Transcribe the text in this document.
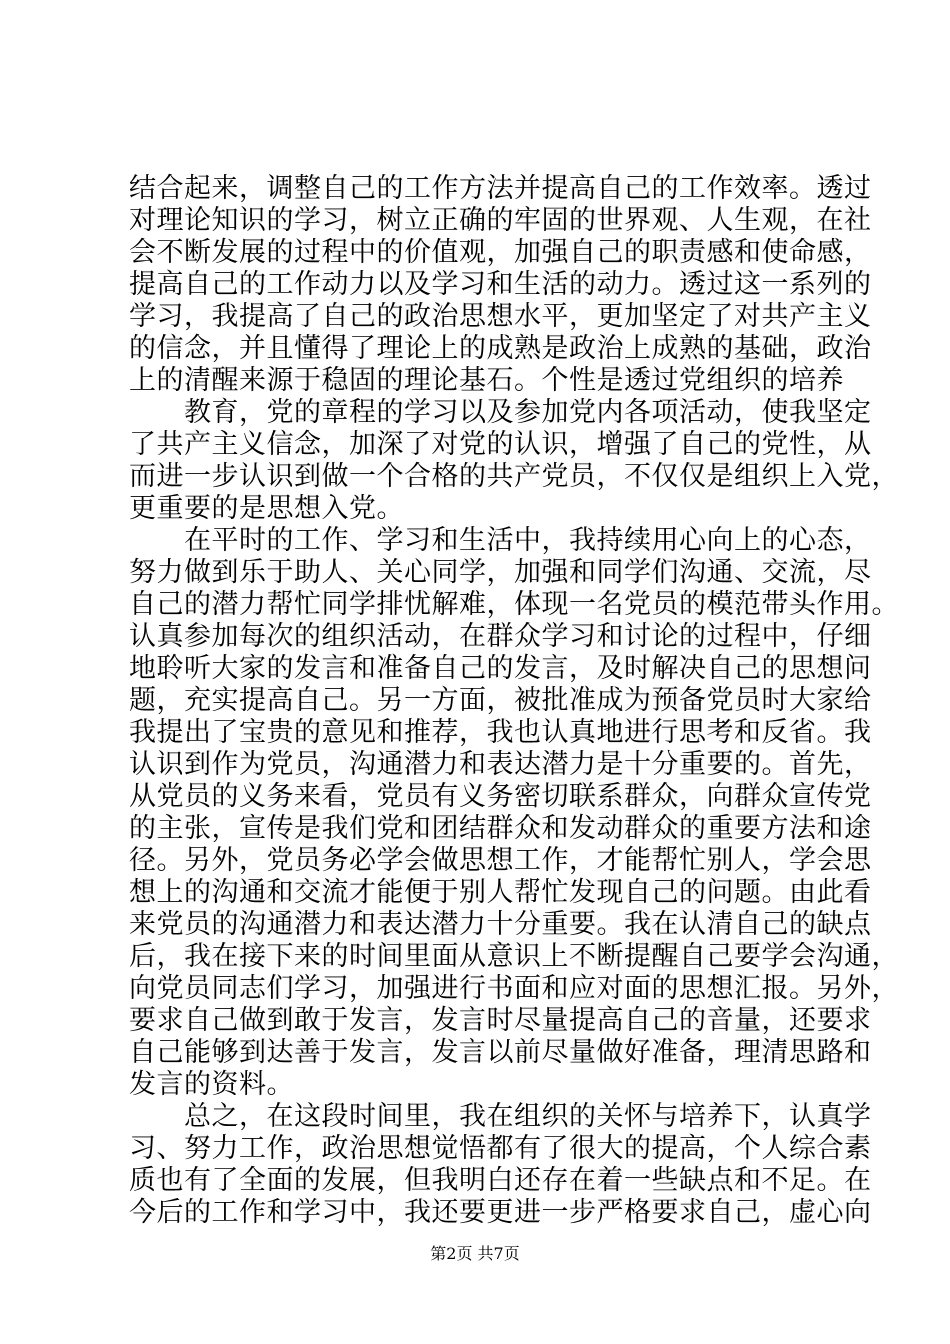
结合起来，调整自己的工作方法并提高自己的工作效率。透过
对理论知识的学习，树立正确的牢固的世界观、人生观，在社
会不断发展的过程中的价值观，加强自己的职责感和使命感，
提高自己的工作动力以及学习和生活的动力。透过这一系列的
学习，我提高了自己的政治思想水平，更加坚定了对共产主义
的信念，并且懂得了理论上的成熟是政治上成熟的基础，政治
上的清醒来源于稳固的理论基石。个性是透过党组织的培养
　　教育，党的章程的学习以及参加党内各项活动，使我坚定
了共产主义信念，加深了对党的认识，增强了自己的党性，从
而进一步认识到做一个合格的共产党员，不仅仅是组织上入党，
更重要的是思想入党。
　　在平时的工作、学习和生活中，我持续用心向上的心态，
努力做到乐于助人、关心同学，加强和同学们沟通、交流，尽
自己的潜力帮忙同学排忧解难，体现一名党员的模范带头作用。
认真参加每次的组织活动，在群众学习和讨论的过程中，仔细
地聆听大家的发言和准备自己的发言，及时解决自己的思想问
题，充实提高自己。另一方面，被批准成为预备党员时大家给
我提出了宝贵的意见和推荐，我也认真地进行思考和反省。我
认识到作为党员，沟通潜力和表达潜力是十分重要的。首先，
从党员的义务来看，党员有义务密切联系群众，向群众宣传党
的主张，宣传是我们党和团结群众和发动群众的重要方法和途
径。另外，党员务必学会做思想工作，才能帮忙别人，学会思
想上的沟通和交流才能便于别人帮忙发现自己的问题。由此看
来党员的沟通潜力和表达潜力十分重要。我在认清自己的缺点
后，我在接下来的时间里面从意识上不断提醒自己要学会沟通，
向党员同志们学习，加强进行书面和应对面的思想汇报。另外，
要求自己做到敢于发言，发言时尽量提高自己的音量，还要求
自己能够到达善于发言，发言以前尽量做好准备，理清思路和
发言的资料。
　　总之，在这段时间里，我在组织的关怀与培养下，认真学
习、努力工作，政治思想觉悟都有了很大的提高，个人综合素
质也有了全面的发展，但我明白还存在着一些缺点和不足。在
今后的工作和学习中，我还要更进一步严格要求自己，虚心向
第2页 共7页
